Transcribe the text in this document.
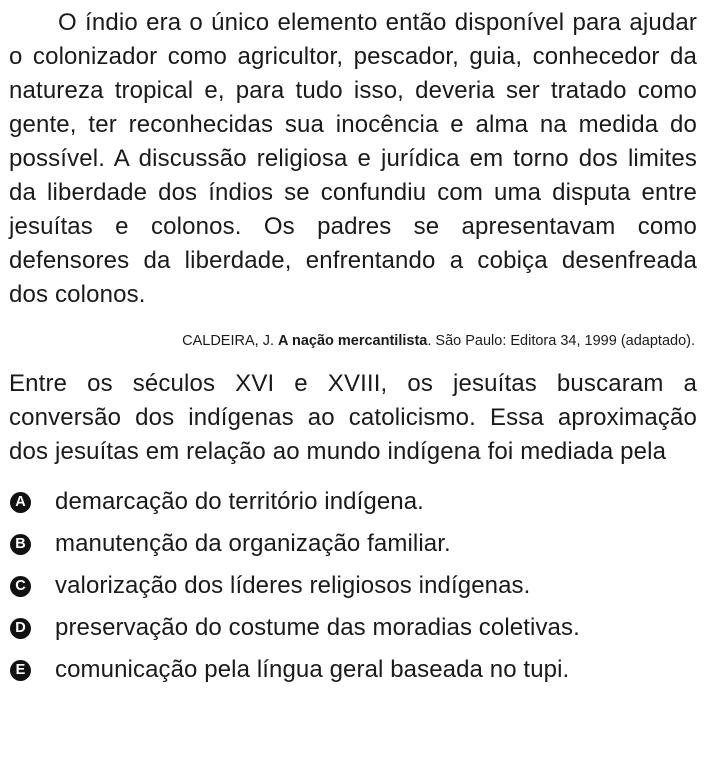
O índio era o único elemento então disponível para ajudar o colonizador como agricultor, pescador, guia, conhecedor da natureza tropical e, para tudo isso, deveria ser tratado como gente, ter reconhecidas sua inocência e alma na medida do possível. A discussão religiosa e jurídica em torno dos limites da liberdade dos índios se confundiu com uma disputa entre jesuítas e colonos. Os padres se apresentavam como defensores da liberdade, enfrentando a cobiça desenfreada dos colonos.

CALDEIRA, J. A nação mercantilista. São Paulo: Editora 34, 1999 (adaptado).

Entre os séculos XVI e XVIII, os jesuítas buscaram a conversão dos indígenas ao catolicismo. Essa aproximação dos jesuítas em relação ao mundo indígena foi mediada pela

A demarcação do território indígena.
B manutenção da organização familiar.
C valorização dos líderes religiosos indígenas.
D preservação do costume das moradias coletivas.
E comunicação pela língua geral baseada no tupi.
